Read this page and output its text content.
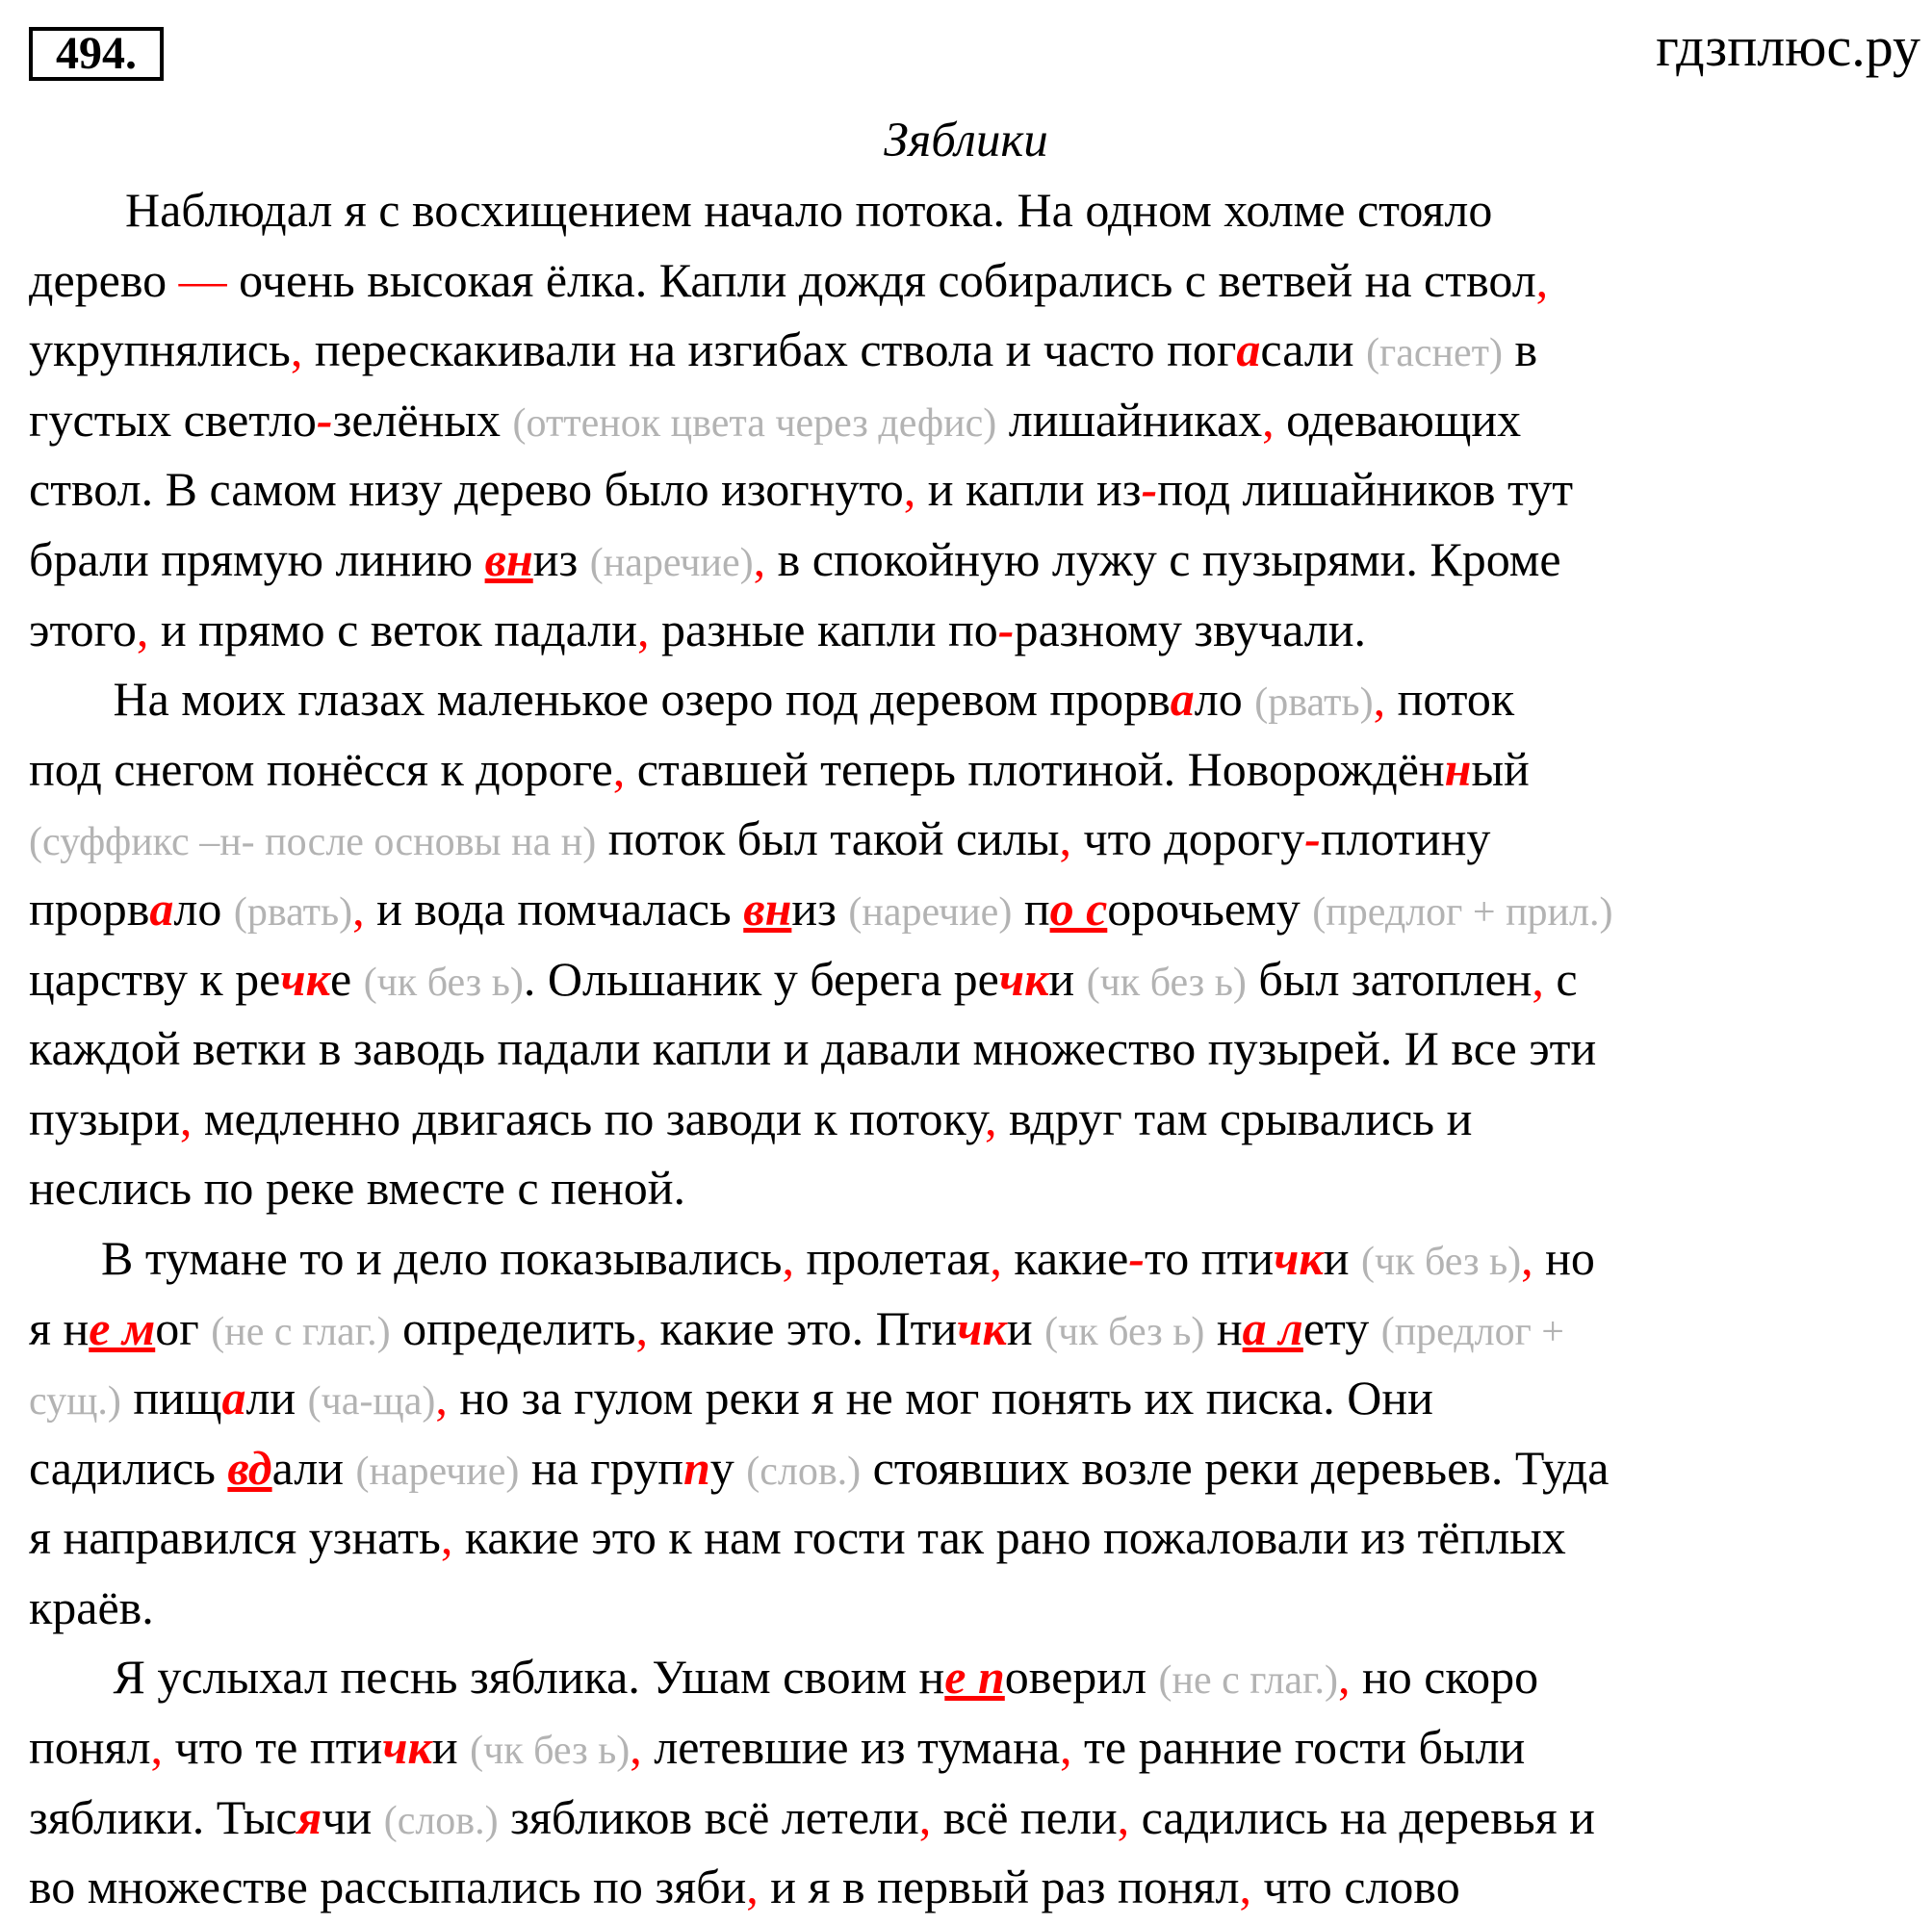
494.	гдзплюс.ру
Зяблики
Наблюдал я с восхищением начало потока. На одном холме стояло
дерево — очень высокая ёлка. Капли дождя собирались с ветвей на ствол,
укрупнялись, перескакивали на изгибах ствола и часто погасали (гаснет) в
густых светло-зелёных (оттенок цвета через дефис) лишайниках, одевающих
ствол. В самом низу дерево было изогнуто, и капли из-под лишайников тут
брали прямую линию вниз (наречие), в спокойную лужу с пузырями. Кроме
этого, и прямо с веток падали, разные капли по-разному звучали.
На моих глазах маленькое озеро под деревом прорвало (рвать), поток
под снегом понёсся к дороге, ставшей теперь плотиной. Новорождённый
(суффикс –н- после основы на н) поток был такой силы, что дорогу-плотину
прорвало (рвать), и вода помчалась вниз (наречие) по сорочьему (предлог + прил.)
царству к речке (чк без ь). Ольшаник у берега речки (чк без ь) был затоплен, с
каждой ветки в заводь падали капли и давали множество пузырей. И все эти
пузыри, медленно двигаясь по заводи к потоку, вдруг там срывались и
неслись по реке вместе с пеной.
В тумане то и дело показывались, пролетая, какие-то птички (чк без ь), но
я не мог (не с глаг.) определить, какие это. Птички (чк без ь) на лету (предлог +
сущ.) пищали (ча-ща), но за гулом реки я не мог понять их писка. Они
садились вдали (наречие) на группу (слов.) стоявших возле реки деревьев. Туда
я направился узнать, какие это к нам гости так рано пожаловали из тёплых
краёв.
Я услыхал песнь зяблика. Ушам своим не поверил (не с глаг.), но скоро
понял, что те птички (чк без ь), летевшие из тумана, те ранние гости были
зяблики. Тысячи (слов.) зябликов всё летели, всё пели, садились на деревья и
во множестве рассыпались по зяби, и я в первый раз понял, что слово
